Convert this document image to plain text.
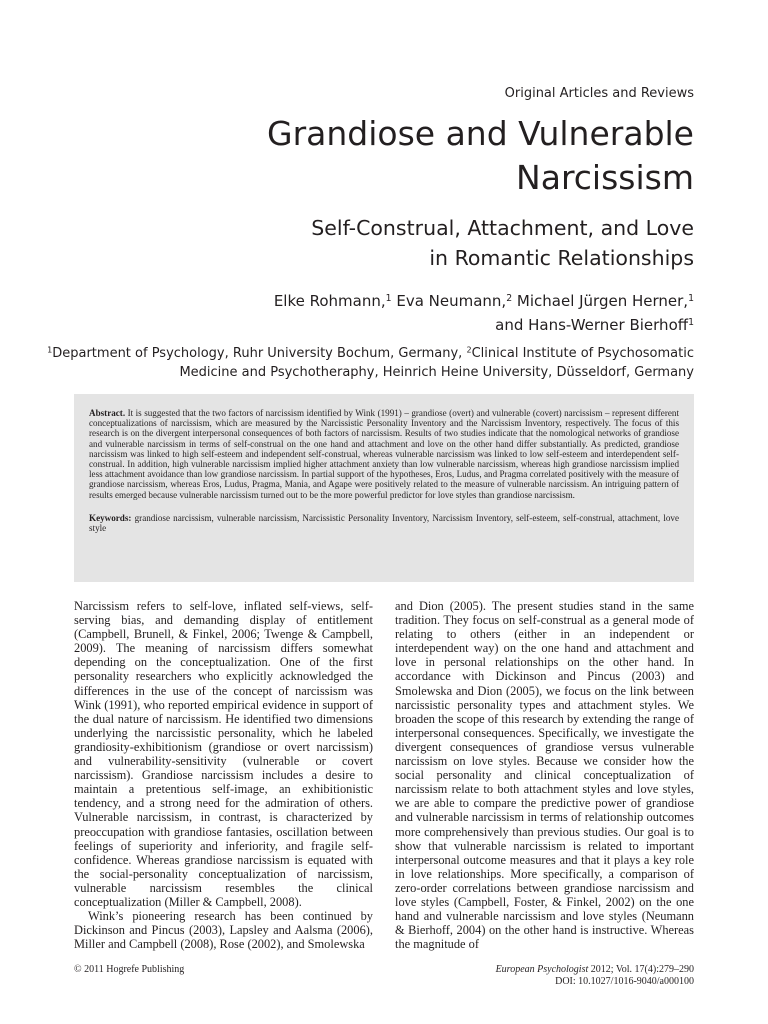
Original Articles and Reviews
Grandiose and Vulnerable
Narcissism
Self-Construal, Attachment, and Love
in Romantic Relationships
Elke Rohmann,$^1$ Eva Neumann,$^2$ Michael Jürgen Herner,$^1$
and Hans-Werner Bierhoff$^1$
$^1$Department of Psychology, Ruhr University Bochum, Germany, $^2$Clinical Institute of Psychosomatic
Medicine and Psychotheraphy, Heinrich Heine University, Düsseldorf, Germany
Abstract. It is suggested that the two factors of narcissism identified by Wink (1991) – grandiose (overt) and vulnerable (covert) narcissism – represent different conceptualizations of narcissism, which are measured by the Narcissistic Personality Inventory and the Narcissism Inventory, respectively. The focus of this research is on the divergent interpersonal consequences of both factors of narcissism. Results of two studies indicate that the nomological networks of grandiose and vulnerable narcissism in terms of self-construal on the one hand and attachment and love on the other hand differ substantially. As predicted, grandiose narcissism was linked to high self-esteem and independent self-construal, whereas vulnerable narcissism was linked to low self-esteem and interdependent self-construal. In addition, high vulnerable narcissism implied higher attachment anxiety than low vulnerable narcissism, whereas high grandiose narcissism implied less attachment avoidance than low grandiose narcissism. In partial support of the hypotheses, Eros, Ludus, and Pragma correlated positively with the measure of grandiose narcissism, whereas Eros, Ludus, Pragma, Mania, and Agape were positively related to the measure of vulnerable narcissism. An intriguing pattern of results emerged because vulnerable narcissism turned out to be the more powerful predictor for love styles than grandiose narcissism.
Keywords: grandiose narcissism, vulnerable narcissism, Narcissistic Personality Inventory, Narcissism Inventory, self-esteem, self-construal, attachment, love style

Narcissism refers to self-love, inflated self-views, self-serving bias, and demanding display of entitlement (Campbell, Brunell, & Finkel, 2006; Twenge & Campbell, 2009). The meaning of narcissism differs somewhat depending on the conceptualization. One of the first personality researchers who explicitly acknowledged the differences in the use of the concept of narcissism was Wink (1991), who reported empirical evidence in support of the dual nature of narcissism. He identified two dimensions underlying the narcissistic personality, which he labeled grandiosity-exhibitionism (grandiose or overt narcissism) and vulnerability-sensitivity (vulnerable or covert narcissism). Grandiose narcissism includes a desire to maintain a pretentious self-image, an exhibitionistic tendency, and a strong need for the admiration of others. Vulnerable narcissism, in contrast, is characterized by preoccupation with grandiose fantasies, oscillation between feelings of superiority and inferiority, and fragile self-confidence. Whereas grandiose narcissism is equated with the social-personality conceptualization of narcissism, vulnerable narcissism resembles the clinical conceptualization (Miller & Campbell, 2008).

Wink’s pioneering research has been continued by Dickinson and Pincus (2003), Lapsley and Aalsma (2006), Miller and Campbell (2008), Rose (2002), and Smolewska

and Dion (2005). The present studies stand in the same tradition. They focus on self-construal as a general mode of relating to others (either in an independent or interdependent way) on the one hand and attachment and love in personal relationships on the other hand. In accordance with Dickinson and Pincus (2003) and Smolewska and Dion (2005), we focus on the link between narcissistic personality types and attachment styles. We broaden the scope of this research by extending the range of interpersonal consequences. Specifically, we investigate the divergent consequences of grandiose versus vulnerable narcissism on love styles. Because we consider how the social personality and clinical conceptualization of narcissism relate to both attachment styles and love styles, we are able to compare the predictive power of grandiose and vulnerable narcissism in terms of relationship outcomes more comprehensively than previous studies. Our goal is to show that vulnerable narcissism is related to important interpersonal outcome measures and that it plays a key role in love relationships. More specifically, a comparison of zero-order correlations between grandiose narcissism and love styles (Campbell, Foster, & Finkel, 2002) on the one hand and vulnerable narcissism and love styles (Neumann & Bierhoff, 2004) on the other hand is instructive. Whereas the magnitude of

© 2011 Hogrefe Publishing	European Psychologist 2012; Vol. 17(4):279–290
DOI: 10.1027/1016-9040/a000100
